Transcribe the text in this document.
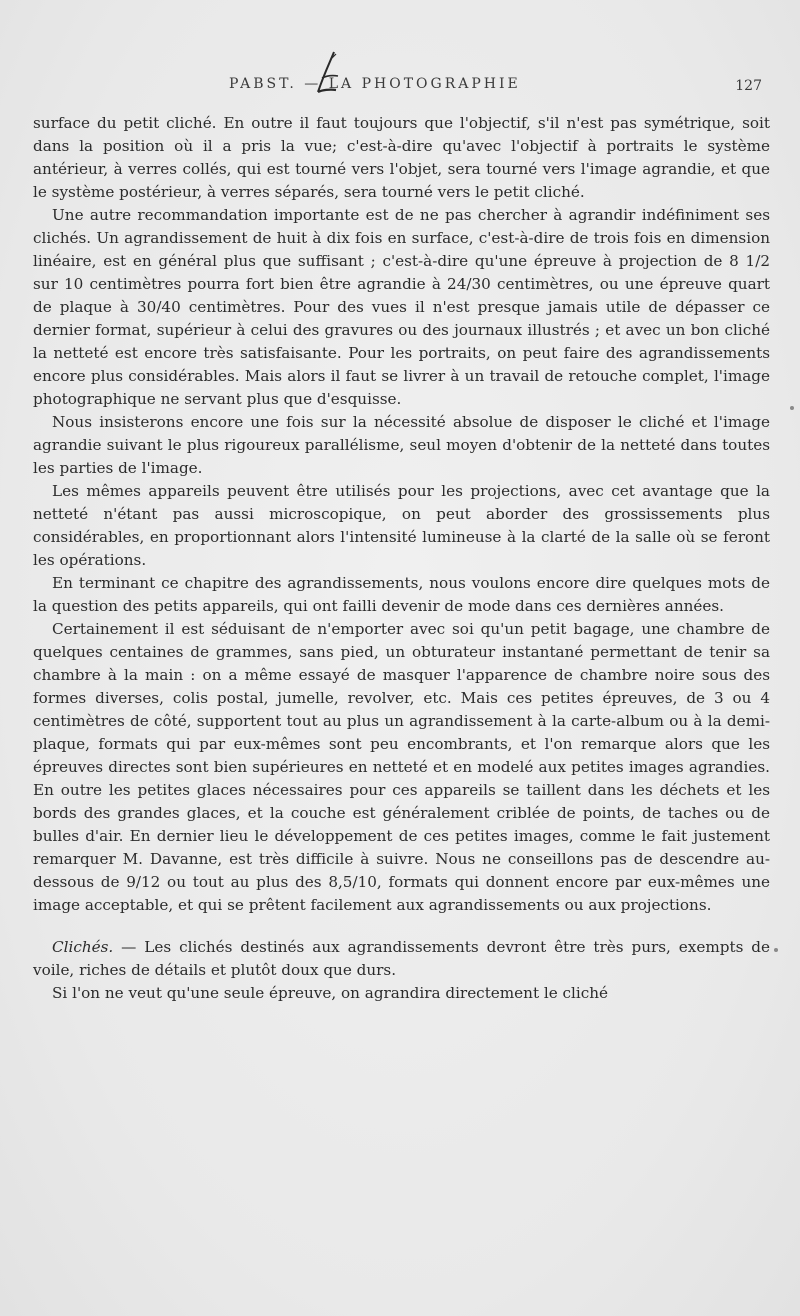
PABST. — LA PHOTOGRAPHIE	127

surface du petit cliché. En outre il faut toujours que l'objectif, s'il n'est pas symétrique, soit dans la position où il a pris la vue; c'est-à-dire qu'avec l'objectif à portraits le système antérieur, à verres collés, qui est tourné vers l'objet, sera tourné vers l'image agrandie, et que le système postérieur, à verres séparés, sera tourné vers le petit cliché.

Une autre recommandation importante est de ne pas chercher à agrandir indéfiniment ses clichés. Un agrandissement de huit à dix fois en surface, c'est-à-dire de trois fois en dimension linéaire, est en général plus que suffisant ; c'est-à-dire qu'une épreuve à projection de 8 1/2 sur 10 centimètres pourra fort bien être agrandie à 24/30 centimètres, ou une épreuve quart de plaque à 30/40 centimètres. Pour des vues il n'est presque jamais utile de dépasser ce dernier format, supérieur à celui des gravures ou des journaux illustrés ; et avec un bon cliché la netteté est encore très satisfaisante. Pour les portraits, on peut faire des agrandissements encore plus considérables. Mais alors il faut se livrer à un travail de retouche complet, l'image photographique ne servant plus que d'esquisse.

Nous insisterons encore une fois sur la nécessité absolue de disposer le cliché et l'image agrandie suivant le plus rigoureux parallélisme, seul moyen d'obtenir de la netteté dans toutes les parties de l'image.

Les mêmes appareils peuvent être utilisés pour les projections, avec cet avantage que la netteté n'étant pas aussi microscopique, on peut aborder des grossissements plus considérables, en proportionnant alors l'intensité lumineuse à la clarté de la salle où se feront les opérations.

En terminant ce chapitre des agrandissements, nous voulons encore dire quelques mots de la question des petits appareils, qui ont failli devenir de mode dans ces dernières années.

Certainement il est séduisant de n'emporter avec soi qu'un petit bagage, une chambre de quelques centaines de grammes, sans pied, un obturateur instantané permettant de tenir sa chambre à la main : on a même essayé de masquer l'apparence de chambre noire sous des formes diverses, colis postal, jumelle, revolver, etc. Mais ces petites épreuves, de 3 ou 4 centimètres de côté, supportent tout au plus un agrandissement à la carte-album ou à la demi-plaque, formats qui par eux-mêmes sont peu encombrants, et l'on remarque alors que les épreuves directes sont bien supérieures en netteté et en modelé aux petites images agrandies. En outre les petites glaces nécessaires pour ces appareils se taillent dans les déchets et les bords des grandes glaces, et la couche est généralement criblée de points, de taches ou de bulles d'air. En dernier lieu le développement de ces petites images, comme le fait justement remarquer M. Davanne, est très difficile à suivre. Nous ne conseillons pas de descendre au-dessous de 9/12 ou tout au plus des 8,5/10, formats qui donnent encore par eux-mêmes une image acceptable, et qui se prêtent facilement aux agrandissements ou aux projections.

Clichés. — Les clichés destinés aux agrandissements devront être très purs, exempts de voile, riches de détails et plutôt doux que durs.

Si l'on ne veut qu'une seule épreuve, on agrandira directement le cliché
